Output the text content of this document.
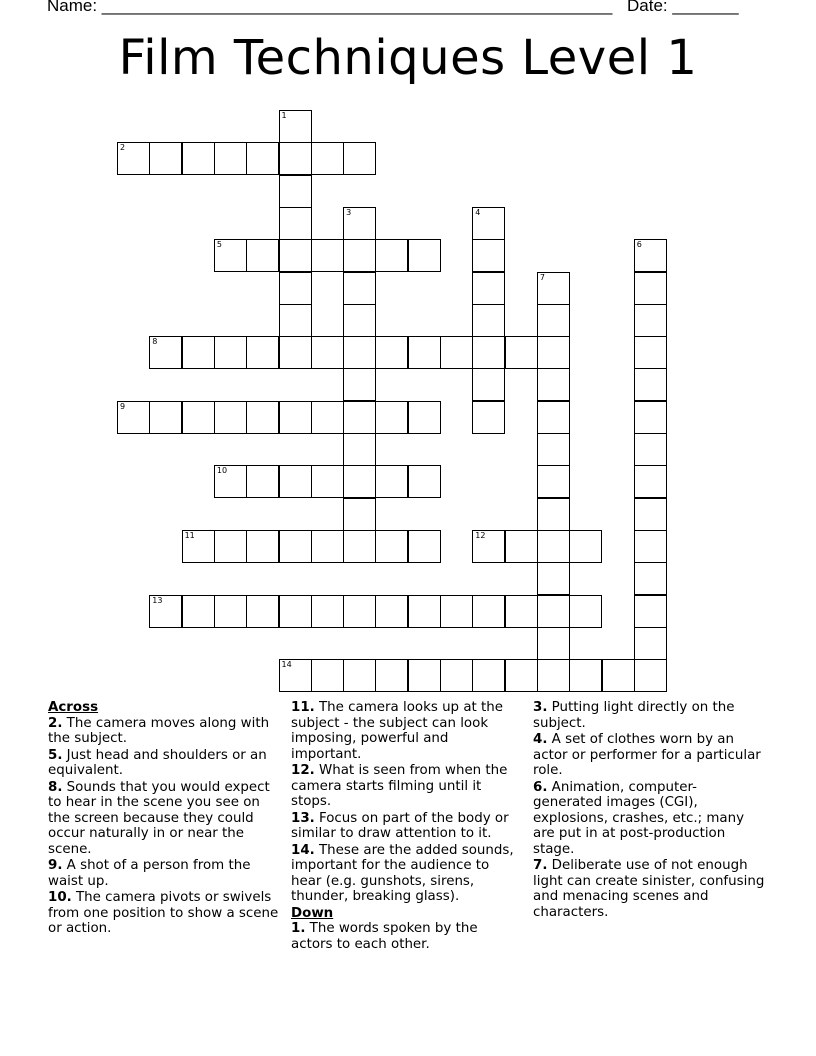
Name: ______________________________________________________ Date: _______
Film Techniques Level 1
1
2
3	4
5	6
7
8
9
10
11	12
13
14
Across
2. The camera moves along with the subject.
5. Just head and shoulders or an equivalent.
8. Sounds that you would expect to hear in the scene you see on the screen because they could occur naturally in or near the scene.
9. A shot of a person from the waist up.
10. The camera pivots or swivels from one position to show a scene or action.
11. The camera looks up at the subject - the subject can look imposing, powerful and important.
12. What is seen from when the camera starts filming until it stops.
13. Focus on part of the body or similar to draw attention to it.
14. These are the added sounds, important for the audience to hear (e.g. gunshots, sirens, thunder, breaking glass).
Down
1. The words spoken by the actors to each other.
3. Putting light directly on the subject.
4. A set of clothes worn by an actor or performer for a particular role.
6. Animation, computer-generated images (CGI), explosions, crashes, etc.; many are put in at post-production stage.
7. Deliberate use of not enough light can create sinister, confusing and menacing scenes and characters.
